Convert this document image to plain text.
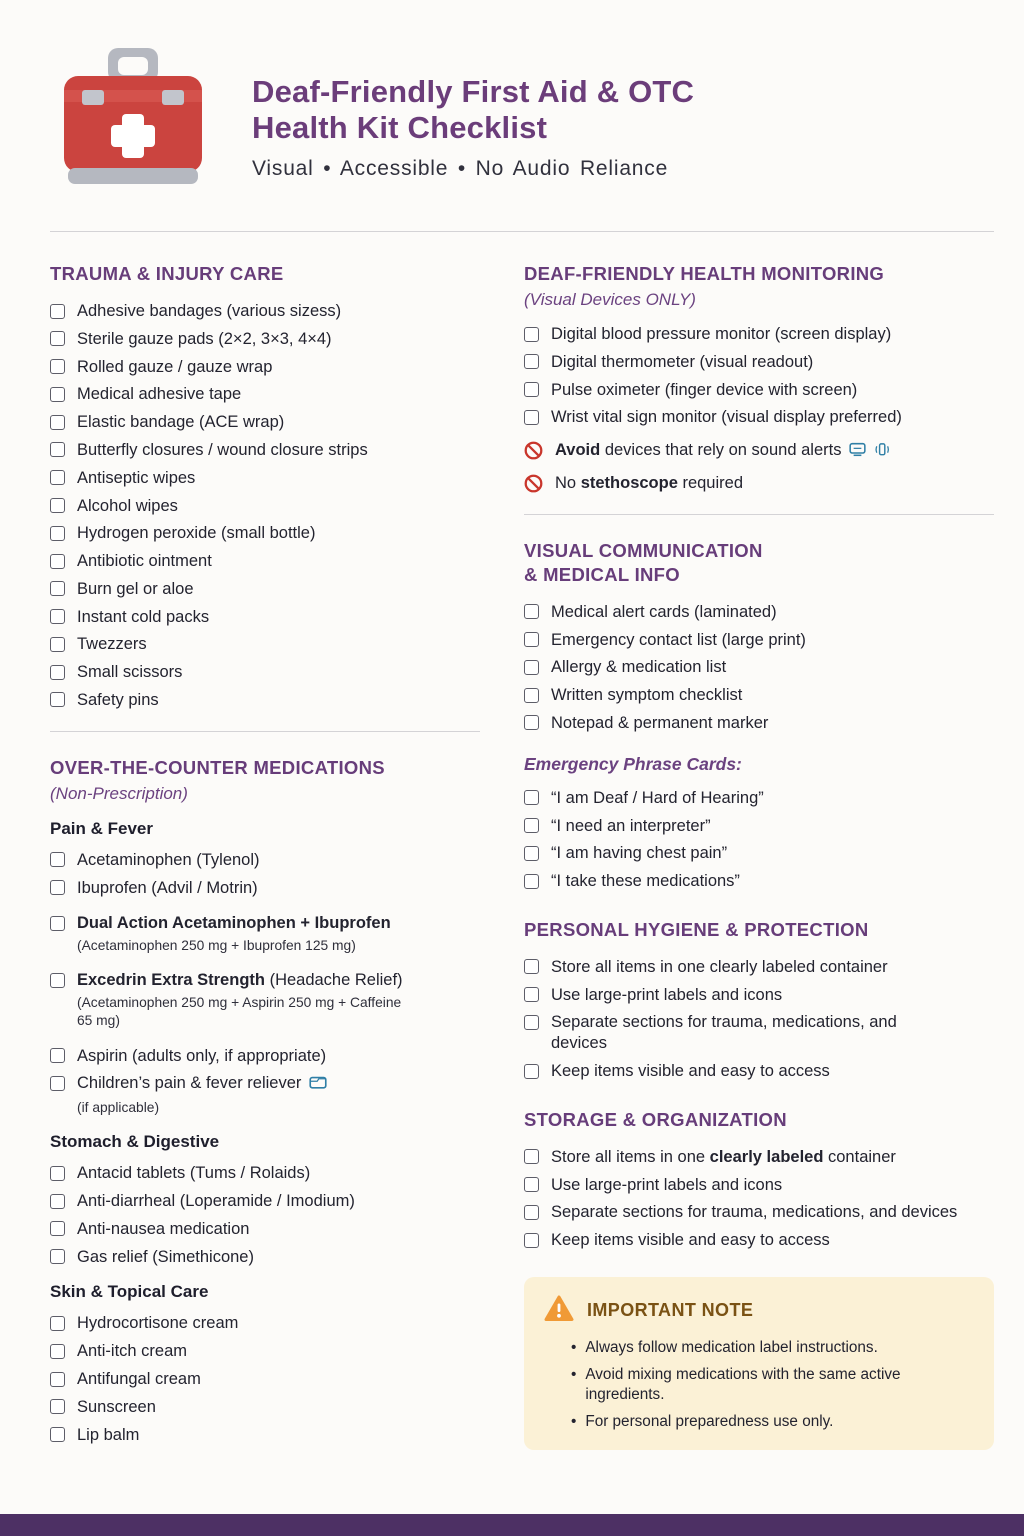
Deaf-Friendly First Aid & OTC
Health Kit Checklist
Visual • Accessible • No Audio Reliance
TRAUMA & INJURY CARE
Adhesive bandages (various sizess)
Sterile gauze pads (2×2, 3×3, 4×4)
Rolled gauze / gauze wrap
Medical adhesive tape
Elastic bandage (ACE wrap)
Butterfly closures / wound closure strips
Antiseptic wipes
Alcohol wipes
Hydrogen peroxide (small bottle)
Antibiotic ointment
Burn gel or aloe
Instant cold packs
Twezzers
Small scissors
Safety pins
OVER-THE-COUNTER MEDICATIONS
(Non-Prescription)
Pain & Fever
Acetaminophen (Tylenol)
Ibuprofen (Advil / Motrin)
Dual Action Acetaminophen + Ibuprofen
(Acetaminophen 250 mg + Ibuprofen 125 mg)
Excedrin Extra Strength (Headache Relief)
(Acetaminophen 250 mg + Aspirin 250 mg + Caffeine 65 mg)
Aspirin (adults only, if appropriate)
Children’s pain & fever reliever
(if applicable)
Stomach & Digestive
Antacid tablets (Tums / Rolaids)
Anti-diarrheal (Loperamide / Imodium)
Anti-nausea medication
Gas relief (Simethicone)
Skin & Topical Care
Hydrocortisone cream
Anti-itch cream
Antifungal cream
Sunscreen
Lip balm
DEAF-FRIENDLY HEALTH MONITORING
(Visual Devices ONLY)
Digital blood pressure monitor (screen display)
Digital thermometer (visual readout)
Pulse oximeter (finger device with screen)
Wrist vital sign monitor (visual display preferred)
Avoid devices that rely on sound alerts
No stethoscope required
VISUAL COMMUNICATION
& MEDICAL INFO
Medical alert cards (laminated)
Emergency contact list (large print)
Allergy & medication list
Written symptom checklist
Notepad & permanent marker
Emergency Phrase Cards:
“I am Deaf / Hard of Hearing”
“I need an interpreter”
“I am having chest pain”
“I take these medications”
PERSONAL HYGIENE & PROTECTION
Store all items in one clearly labeled container
Use large-print labels and icons
Separate sections for trauma, medications, and devices
Keep items visible and easy to access
STORAGE & ORGANIZATION
Store all items in one clearly labeled container
Use large-print labels and icons
Separate sections for trauma, medications, and devices
Keep items visible and easy to access
IMPORTANT NOTE
• Always follow medication label instructions.
• Avoid mixing medications with the same active ingredients.
• For personal preparedness use only.
